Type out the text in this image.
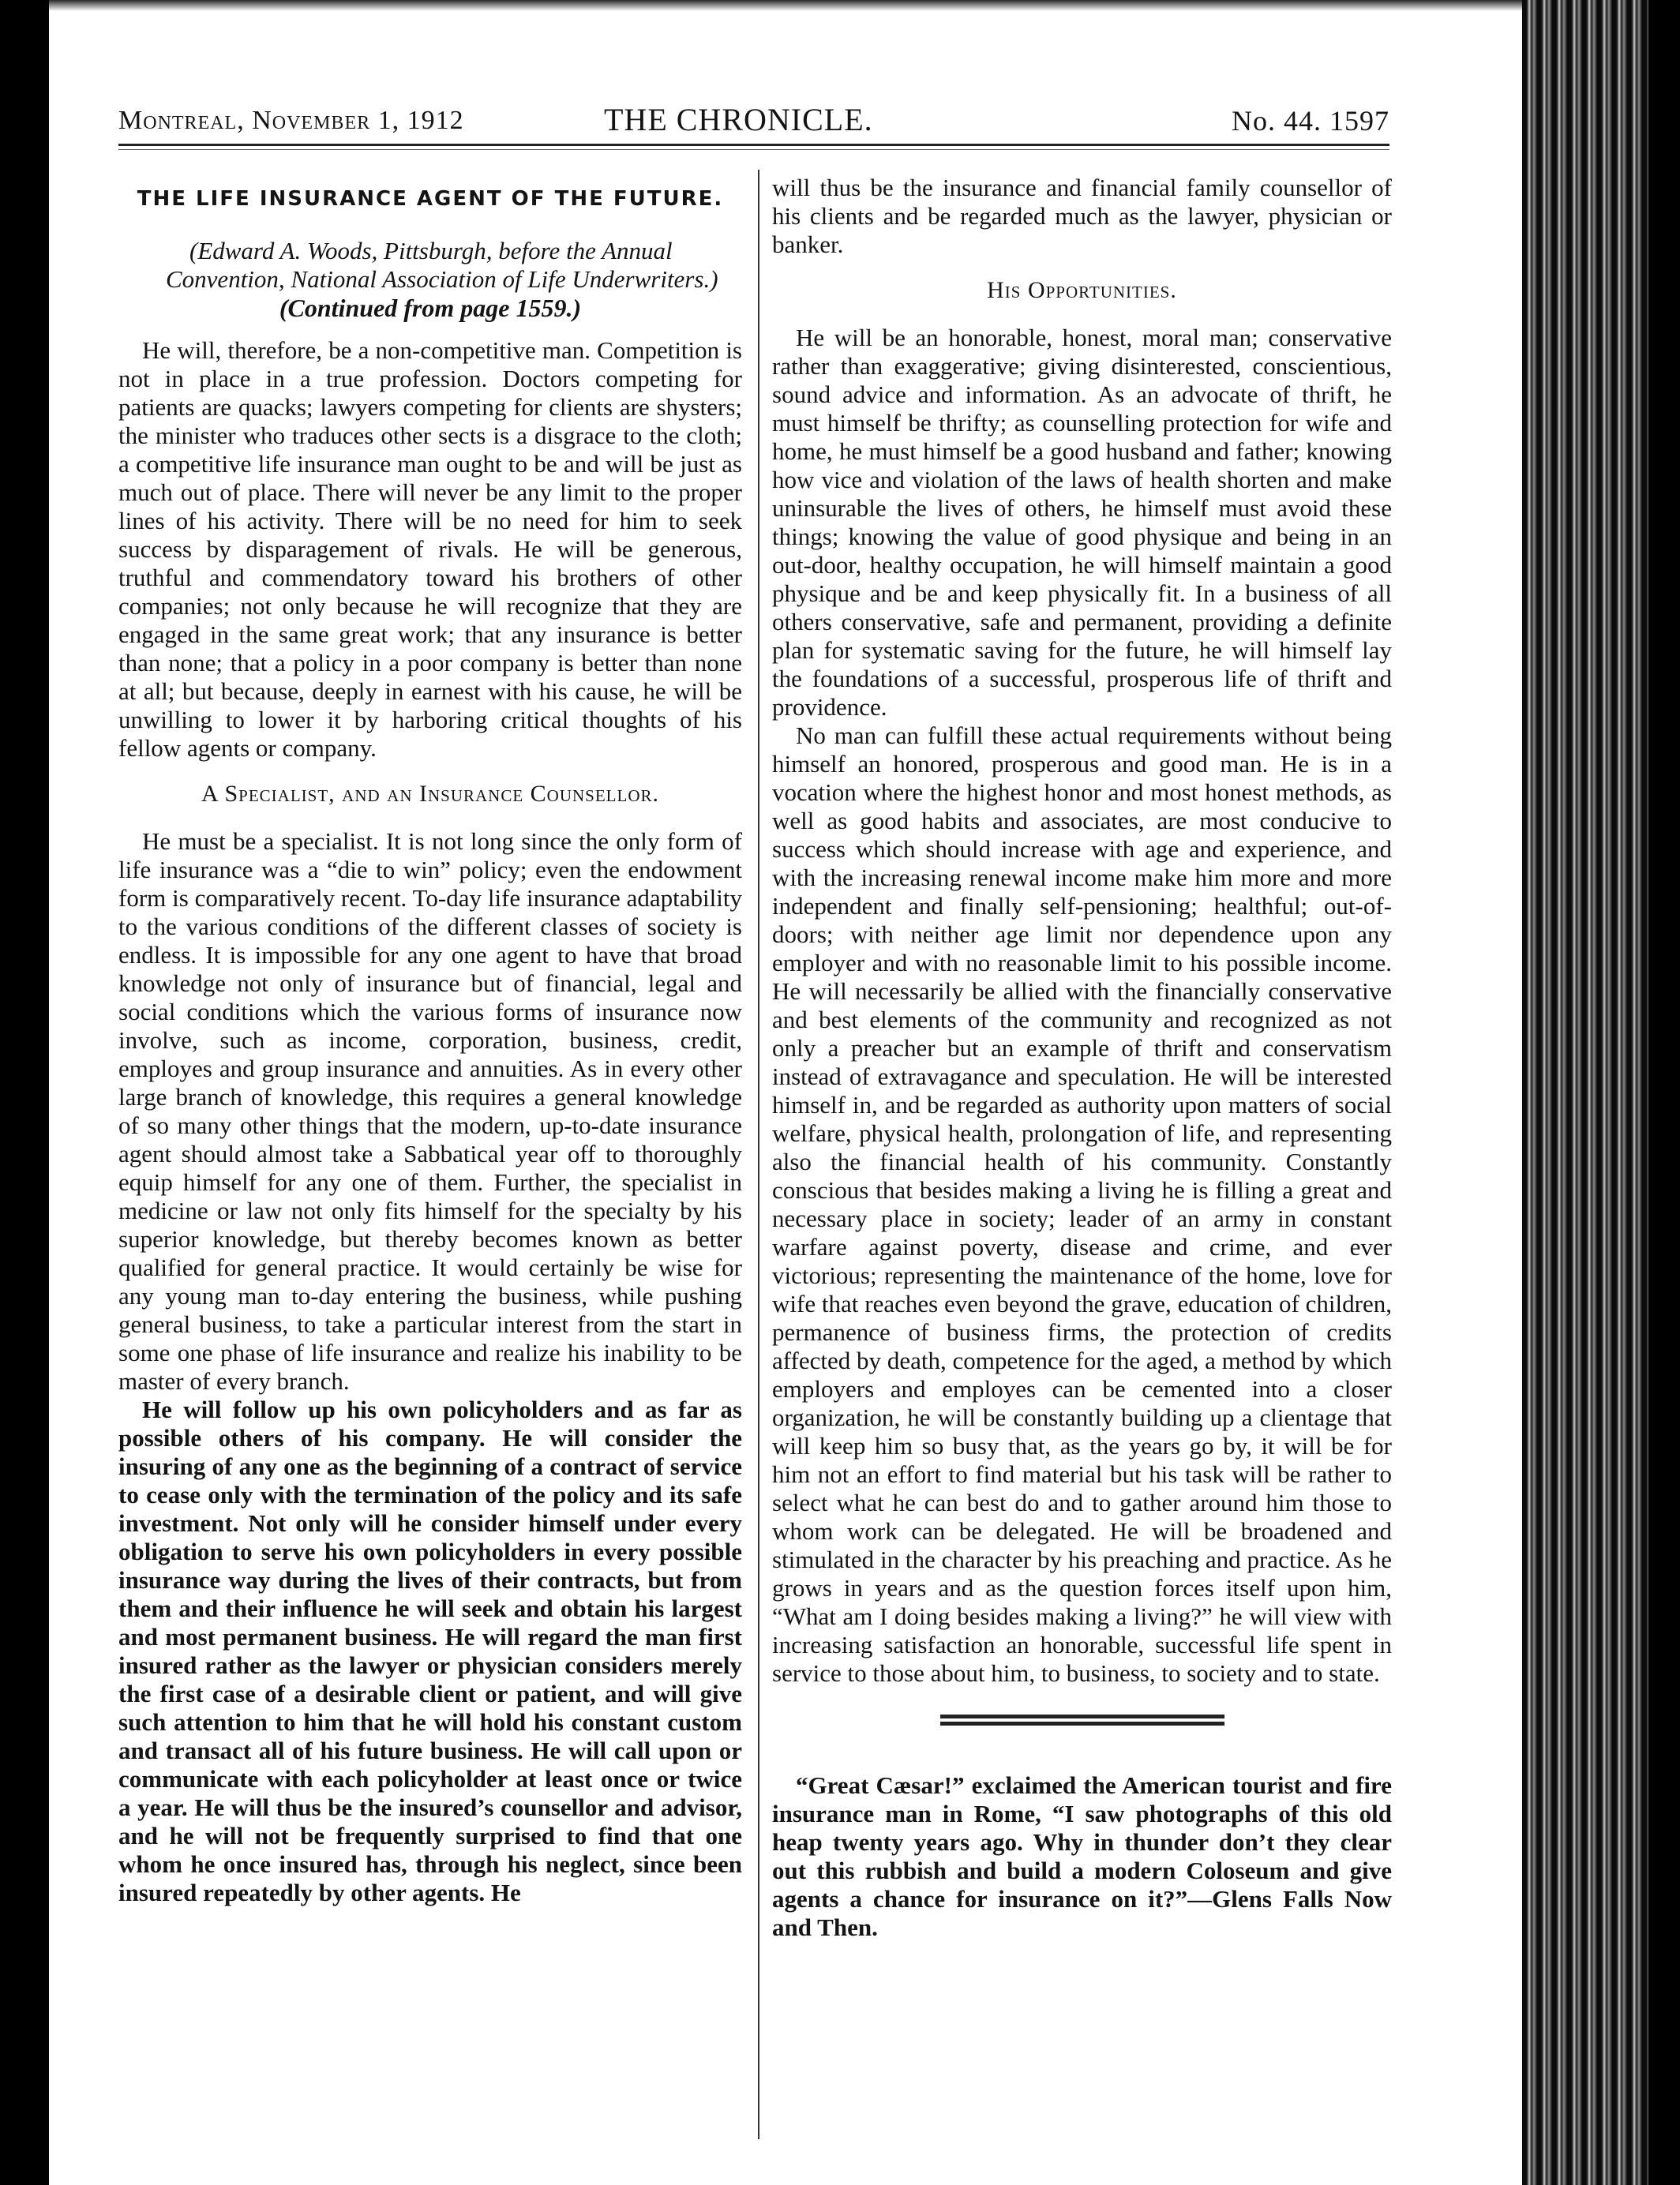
Montreal, November 1, 1912	THE CHRONICLE.	No. 44. 1597
THE LIFE INSURANCE AGENT OF THE FUTURE.

(Edward A. Woods, Pittsburgh, before the Annual Convention, National Association of Life Underwriters.)

(Continued from page 1559.)

He will, therefore, be a non-competitive man. Competition is not in place in a true profession. Doctors competing for patients are quacks; lawyers competing for clients are shysters; the minister who traduces other sects is a disgrace to the cloth; a competitive life insurance man ought to be and will be just as much out of place. There will never be any limit to the proper lines of his activity. There will be no need for him to seek success by disparagement of rivals. He will be generous, truthful and commendatory toward his brothers of other companies; not only because he will recognize that they are engaged in the same great work; that any insurance is better than none; that a policy in a poor company is better than none at all; but because, deeply in earnest with his cause, he will be unwilling to lower it by harboring critical thoughts of his fellow agents or company.

A Specialist, and an Insurance Counsellor.

He must be a specialist. It is not long since the only form of life insurance was a “die to win” policy; even the endowment form is comparatively recent. To-day life insurance adaptability to the various conditions of the different classes of society is endless. It is impossible for any one agent to have that broad knowledge not only of insurance but of financial, legal and social conditions which the various forms of insurance now involve, such as income, corporation, business, credit, employes and group insurance and annuities. As in every other large branch of knowledge, this requires a general knowledge of so many other things that the modern, up-to-date insurance agent should almost take a Sabbatical year off to thoroughly equip himself for any one of them. Further, the specialist in medicine or law not only fits himself for the specialty by his superior knowledge, but thereby becomes known as better qualified for general practice. It would certainly be wise for any young man to-day entering the business, while pushing general business, to take a particular interest from the start in some one phase of life insurance and realize his inability to be master of every branch.

He will follow up his own policyholders and as far as possible others of his company. He will consider the insuring of any one as the beginning of a contract of service to cease only with the termination of the policy and its safe investment. Not only will he consider himself under every obligation to serve his own policyholders in every possible insurance way during the lives of their contracts, but from them and their influence he will seek and obtain his largest and most permanent business. He will regard the man first insured rather as the lawyer or physician considers merely the first case of a desirable client or patient, and will give such attention to him that he will hold his constant custom and transact all of his future business. He will call upon or communicate with each policyholder at least once or twice a year. He will thus be the insured’s counsellor and advisor, and he will not be frequently surprised to find that one whom he once insured has, through his neglect, since been insured repeatedly by other agents. He

will thus be the insurance and financial family counsellor of his clients and be regarded much as the lawyer, physician or banker.

His Opportunities.

He will be an honorable, honest, moral man; conservative rather than exaggerative; giving disinterested, conscientious, sound advice and information. As an advocate of thrift, he must himself be thrifty; as counselling protection for wife and home, he must himself be a good husband and father; knowing how vice and violation of the laws of health shorten and make uninsurable the lives of others, he himself must avoid these things; knowing the value of good physique and being in an out-door, healthy occupation, he will himself maintain a good physique and be and keep physically fit. In a business of all others conservative, safe and permanent, providing a definite plan for systematic saving for the future, he will himself lay the foundations of a successful, prosperous life of thrift and providence.

No man can fulfill these actual requirements without being himself an honored, prosperous and good man. He is in a vocation where the highest honor and most honest methods, as well as good habits and associates, are most conducive to success which should increase with age and experience, and with the increasing renewal income make him more and more independent and finally self-pensioning; healthful; out-of-doors; with neither age limit nor dependence upon any employer and with no reasonable limit to his possible income. He will necessarily be allied with the financially conservative and best elements of the community and recognized as not only a preacher but an example of thrift and conservatism instead of extravagance and speculation. He will be interested himself in, and be regarded as authority upon matters of social welfare, physical health, prolongation of life, and representing also the financial health of his community. Constantly conscious that besides making a living he is filling a great and necessary place in society; leader of an army in constant warfare against poverty, disease and crime, and ever victorious; representing the maintenance of the home, love for wife that reaches even beyond the grave, education of children, permanence of business firms, the protection of credits affected by death, competence for the aged, a method by which employers and employes can be cemented into a closer organization, he will be constantly building up a clientage that will keep him so busy that, as the years go by, it will be for him not an effort to find material but his task will be rather to select what he can best do and to gather around him those to whom work can be delegated. He will be broadened and stimulated in the character by his preaching and practice. As he grows in years and as the question forces itself upon him, “What am I doing besides making a living?” he will view with increasing satisfaction an honorable, successful life spent in service to those about him, to business, to society and to state.

“Great Cæsar!” exclaimed the American tourist and fire insurance man in Rome, “I saw photographs of this old heap twenty years ago. Why in thunder don’t they clear out this rubbish and build a modern Coloseum and give agents a chance for insurance on it?”—Glens Falls Now and Then.
